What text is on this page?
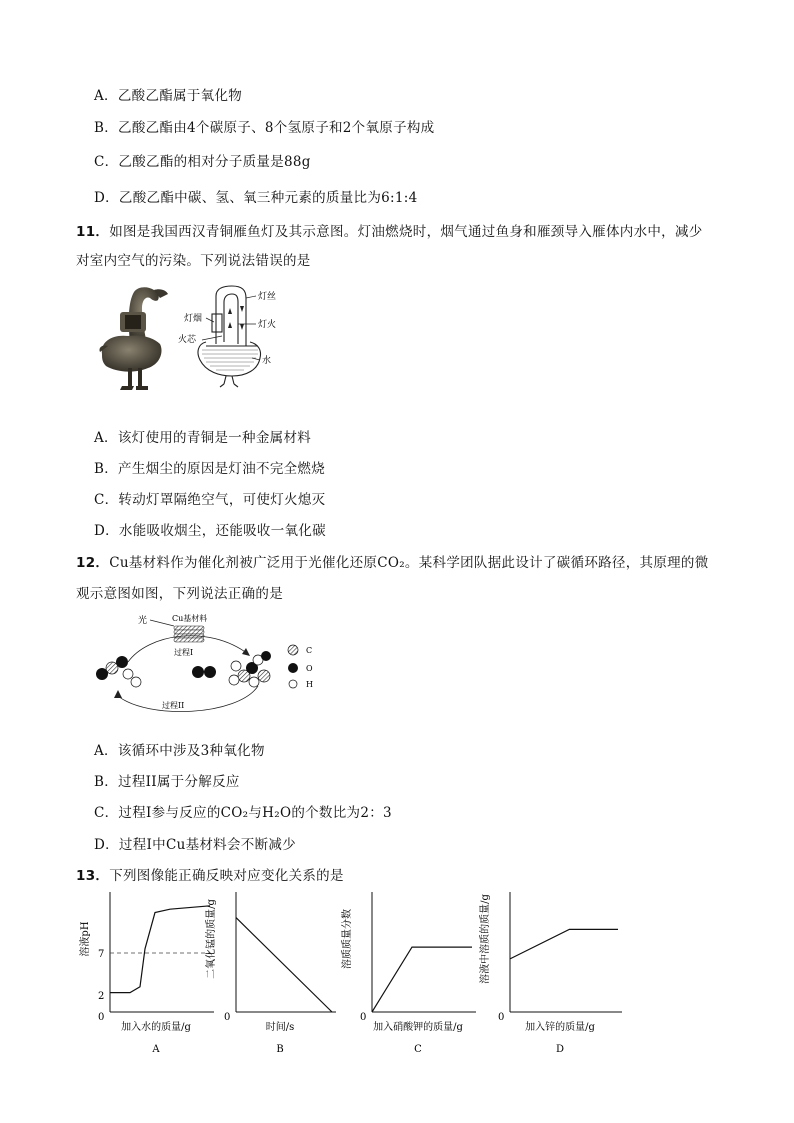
A．乙酸乙酯属于氧化物
B．乙酸乙酯由4个碳原子、8个氢原子和2个氧原子构成
C．乙酸乙酯的相对分子质量是88g
D．乙酸乙酯中碳、氢、氧三种元素的质量比为6:1:4
11．如图是我国西汉青铜雁鱼灯及其示意图。灯油燃烧时，烟气通过鱼身和雁颈导入雁体内水中，减少
对室内空气的污染。下列说法错误的是
灯丝
灯烟
灯火
火芯
水
A．该灯使用的青铜是一种金属材料
B．产生烟尘的原因是灯油不完全燃烧
C．转动灯罩隔绝空气，可使灯火熄灭
D．水能吸收烟尘，还能吸收一氧化碳
12．Cu基材料作为催化剂被广泛用于光催化还原CO₂。某科学团队据此设计了碳循环路径，其原理的微
观示意图如图，下列说法正确的是
光	Cu基材料
过程I
过程II
C
O
H
A．该循环中涉及3种氧化物
B．过程II属于分解反应
C．过程I参与反应的CO₂与H₂O的个数比为2：3
D．过程I中Cu基材料会不断减少
13．下列图像能正确反映对应变化关系的是
7
2
0
溶液pH
加入水的质量/g
A
0
二氧化锰的质量/g
时间/s
B
0
溶质质量分数
加入硝酸钾的质量/g
C
0
溶液中溶质的质量/g
加入锌的质量/g
D
